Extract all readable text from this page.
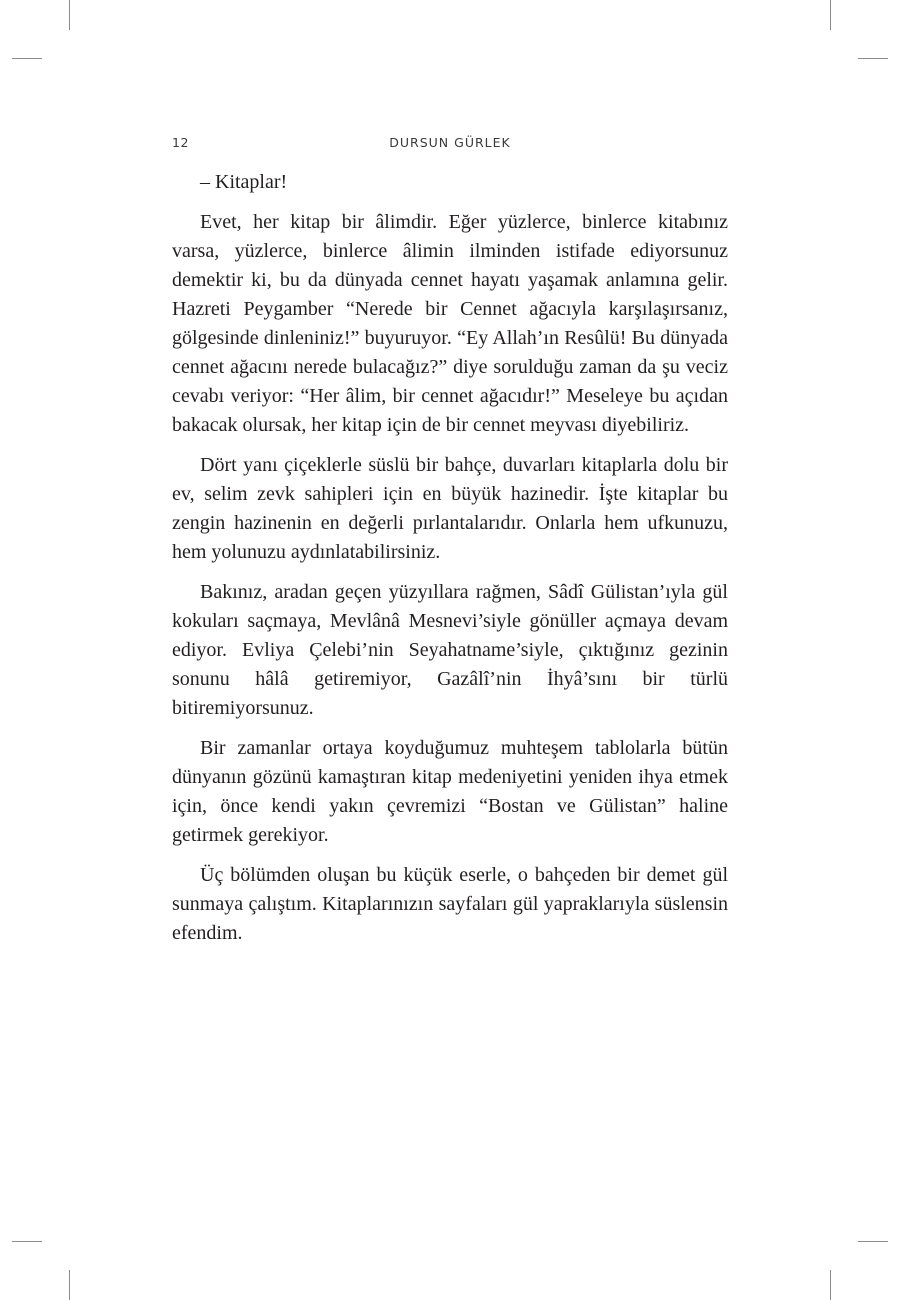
12	DURSUN GÜRLEK

– Kitaplar!

Evet, her kitap bir âlimdir. Eğer yüzlerce, binlerce kitabınız varsa, yüzlerce, binlerce âlimin ilminden istifade ediyorsunuz demektir ki, bu da dünyada cennet hayatı yaşamak anlamına gelir. Hazreti Peygamber “Nerede bir Cennet ağacıyla karşılaşırsanız, gölgesinde dinleniniz!” buyuruyor. “Ey Allah’ın Resûlü! Bu dünyada cennet ağacını nerede bulacağız?” diye sorulduğu zaman da şu veciz cevabı veriyor: “Her âlim, bir cennet ağacıdır!” Meseleye bu açıdan bakacak olursak, her kitap için de bir cennet meyvası diyebiliriz.

Dört yanı çiçeklerle süslü bir bahçe, duvarları kitaplarla dolu bir ev, selim zevk sahipleri için en büyük hazinedir. İşte kitaplar bu zengin hazinenin en değerli pırlantalarıdır. Onlarla hem ufkunuzu, hem yolunuzu aydınlatabilirsiniz.

Bakınız, aradan geçen yüzyıllara rağmen, Sâdî Gülistan’ıyla gül kokuları saçmaya, Mevlânâ Mesnevi’siyle gönüller açmaya devam ediyor. Evliya Çelebi’nin Seyahatname’siyle, çıktığınız gezinin sonunu hâlâ getiremiyor, Gazâlî’nin İhyâ’sını bir türlü bitiremiyorsunuz.

Bir zamanlar ortaya koyduğumuz muhteşem tablolarla bütün dünyanın gözünü kamaştıran kitap medeniyetini yeniden ihya etmek için, önce kendi yakın çevremizi “Bostan ve Gülistan” haline getirmek gerekiyor.

Üç bölümden oluşan bu küçük eserle, o bahçeden bir demet gül sunmaya çalıştım. Kitaplarınızın sayfaları gül yapraklarıyla süslensin efendim.
